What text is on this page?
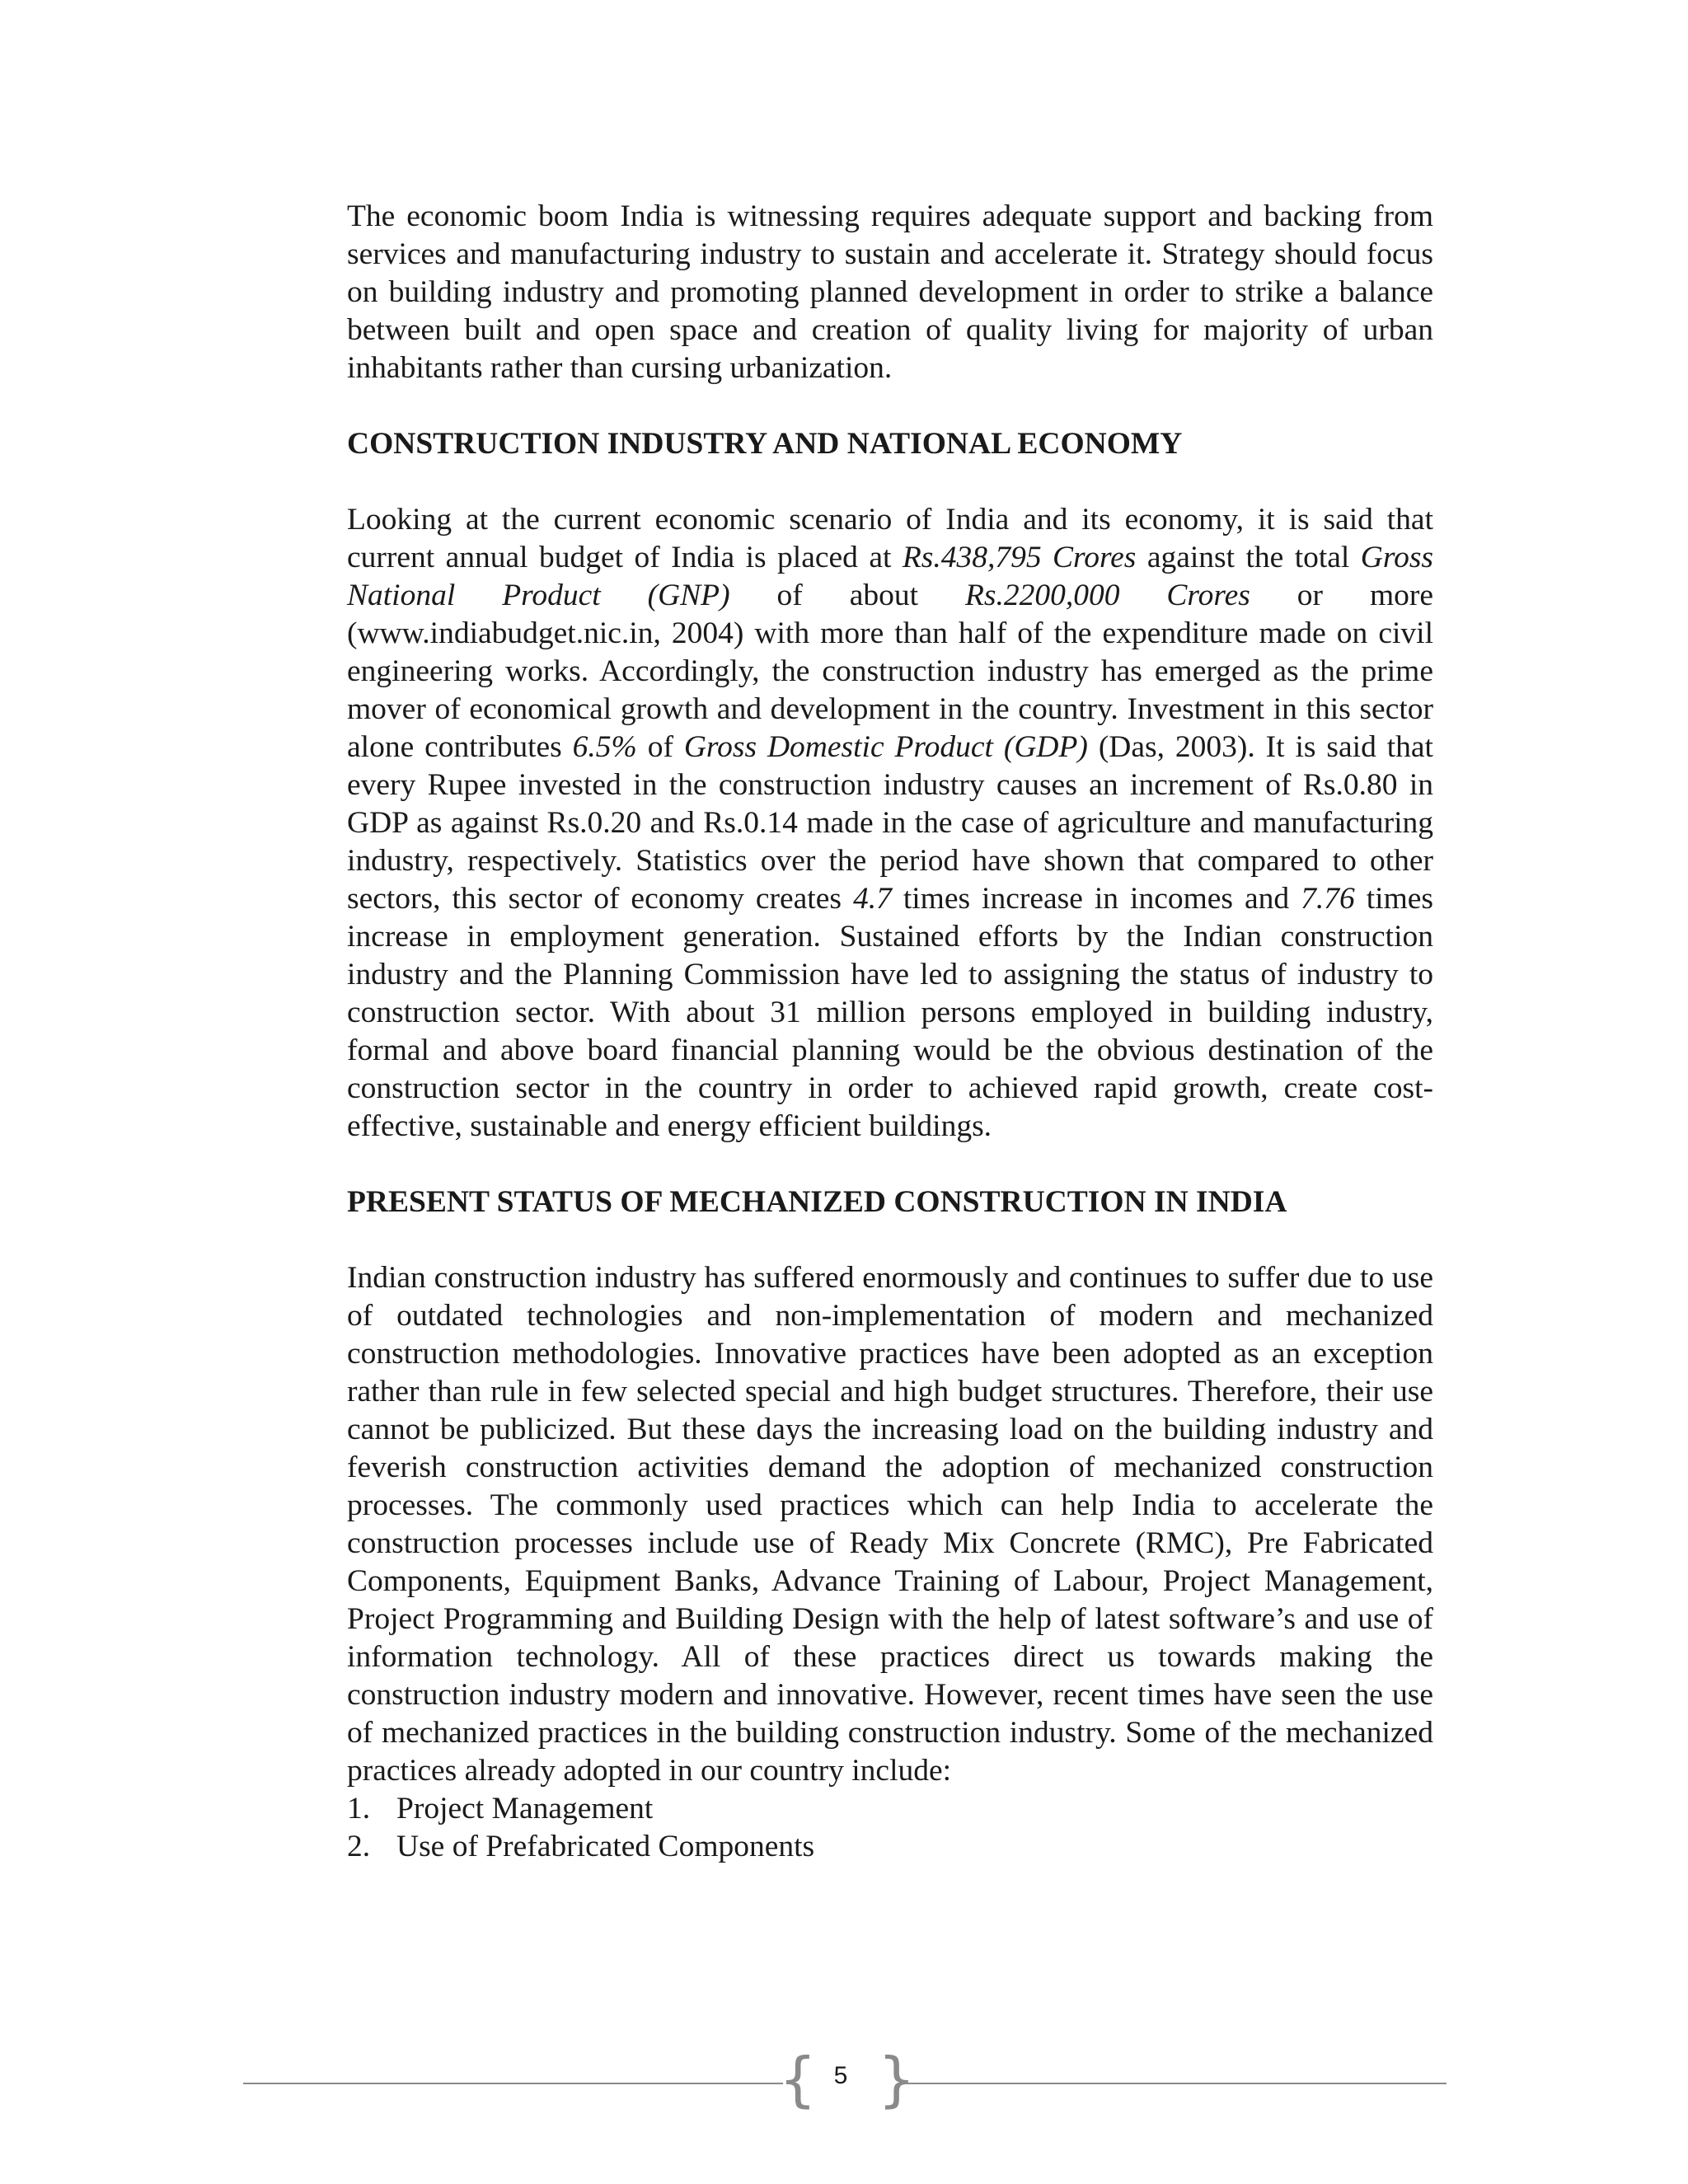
The economic boom India is witnessing requires adequate support and backing from services and manufacturing industry to sustain and accelerate it. Strategy should focus on building industry and promoting planned development in order to strike a balance between built and open space and creation of quality living for majority of urban inhabitants rather than cursing urbanization.

CONSTRUCTION INDUSTRY AND NATIONAL ECONOMY

Looking at the current economic scenario of India and its economy, it is said that current annual budget of India is placed at Rs.438,795 Crores against the total Gross National Product (GNP) of about Rs.2200,000 Crores or more (www.indiabudget.nic.in, 2004) with more than half of the expenditure made on civil engineering works. Accordingly, the construction industry has emerged as the prime mover of economical growth and development in the country. Investment in this sector alone contributes 6.5% of Gross Domestic Product (GDP) (Das, 2003). It is said that every Rupee invested in the construction industry causes an increment of Rs.0.80 in GDP as against Rs.0.20 and Rs.0.14 made in the case of agriculture and manufacturing industry, respectively. Statistics over the period have shown that compared to other sectors, this sector of economy creates 4.7 times increase in incomes and 7.76 times increase in employment generation. Sustained efforts by the Indian construction industry and the Planning Commission have led to assigning the status of industry to construction sector. With about 31 million persons employed in building industry, formal and above board financial planning would be the obvious destination of the construction sector in the country in order to achieved rapid growth, create cost-effective, sustainable and energy efficient buildings.

PRESENT STATUS OF MECHANIZED CONSTRUCTION IN INDIA

Indian construction industry has suffered enormously and continues to suffer due to use of outdated technologies and non-implementation of modern and mechanized construction methodologies. Innovative practices have been adopted as an exception rather than rule in few selected special and high budget structures. Therefore, their use cannot be publicized. But these days the increasing load on the building industry and feverish construction activities demand the adoption of mechanized construction processes. The commonly used practices which can help India to accelerate the construction processes include use of Ready Mix Concrete (RMC), Pre Fabricated Components, Equipment Banks, Advance Training of Labour, Project Management, Project Programming and Building Design with the help of latest software’s and use of information technology. All of these practices direct us towards making the construction industry modern and innovative. However, recent times have seen the use of mechanized practices in the building construction industry. Some of the mechanized practices already adopted in our country include:

1. Project Management
2. Use of Prefabricated Components
{ 5 }
